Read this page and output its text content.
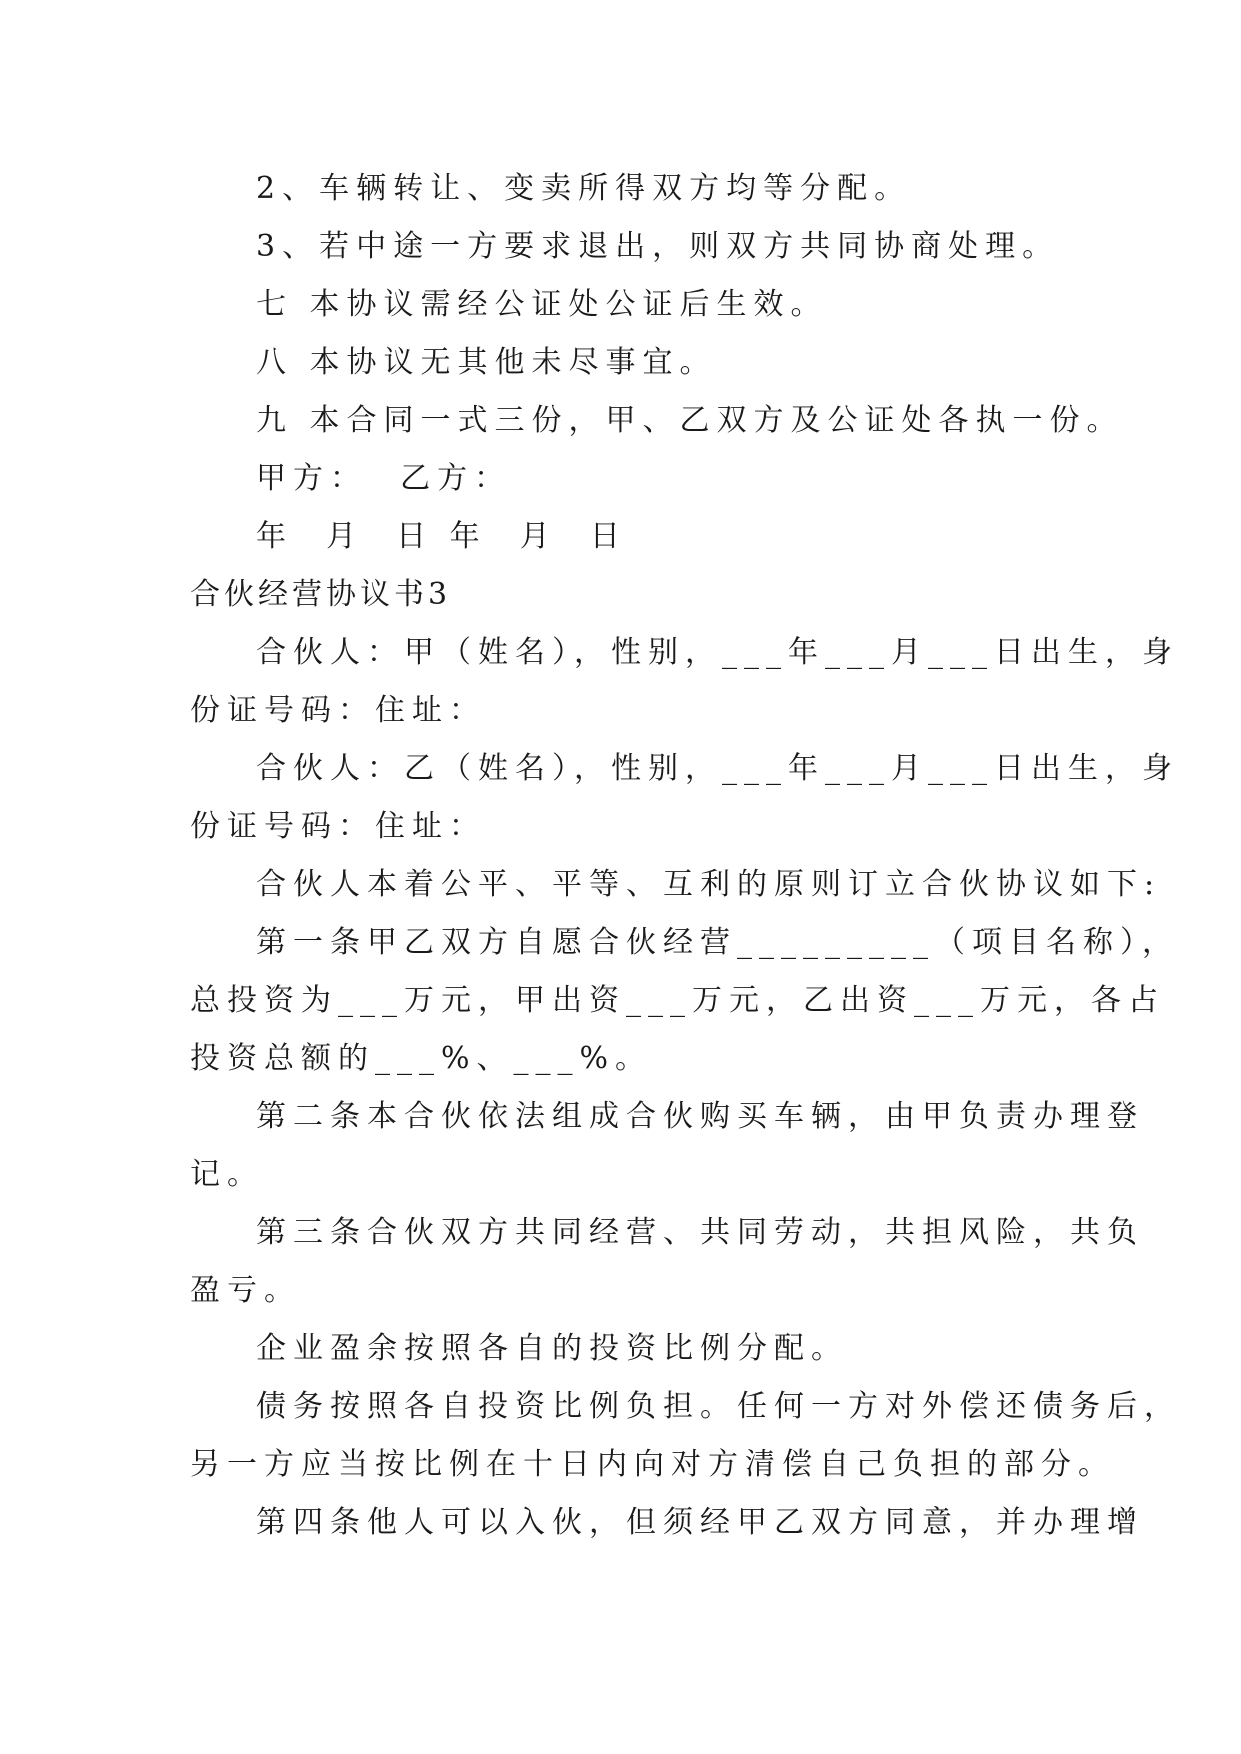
2、车辆转让、变卖所得双方均等分配。

3、若中途一方要求退出，则双方共同协商处理。

七 本协议需经公证处公证后生效。

八 本协议无其他未尽事宜。

九 本合同一式三份，甲、乙双方及公证处各执一份。

甲方：  乙方：

年  月  日 年  月  日

合伙经营协议书3

合伙人：甲（姓名），性别，___年___月___日出生，身

份证号码：住址：

合伙人：乙（姓名），性别，___年___月___日出生，身

份证号码：住址：

合伙人本着公平、平等、互利的原则订立合伙协议如下:

第一条甲乙双方自愿合伙经营_________（项目名称），

总投资为___万元，甲出资___万元，乙出资___万元，各占

投资总额的___%、___%。

第二条本合伙依法组成合伙购买车辆，由甲负责办理登

记。

第三条合伙双方共同经营、共同劳动，共担风险，共负

盈亏。

企业盈余按照各自的投资比例分配。

债务按照各自投资比例负担。任何一方对外偿还债务后，

另一方应当按比例在十日内向对方清偿自己负担的部分。

第四条他人可以入伙，但须经甲乙双方同意，并办理增
